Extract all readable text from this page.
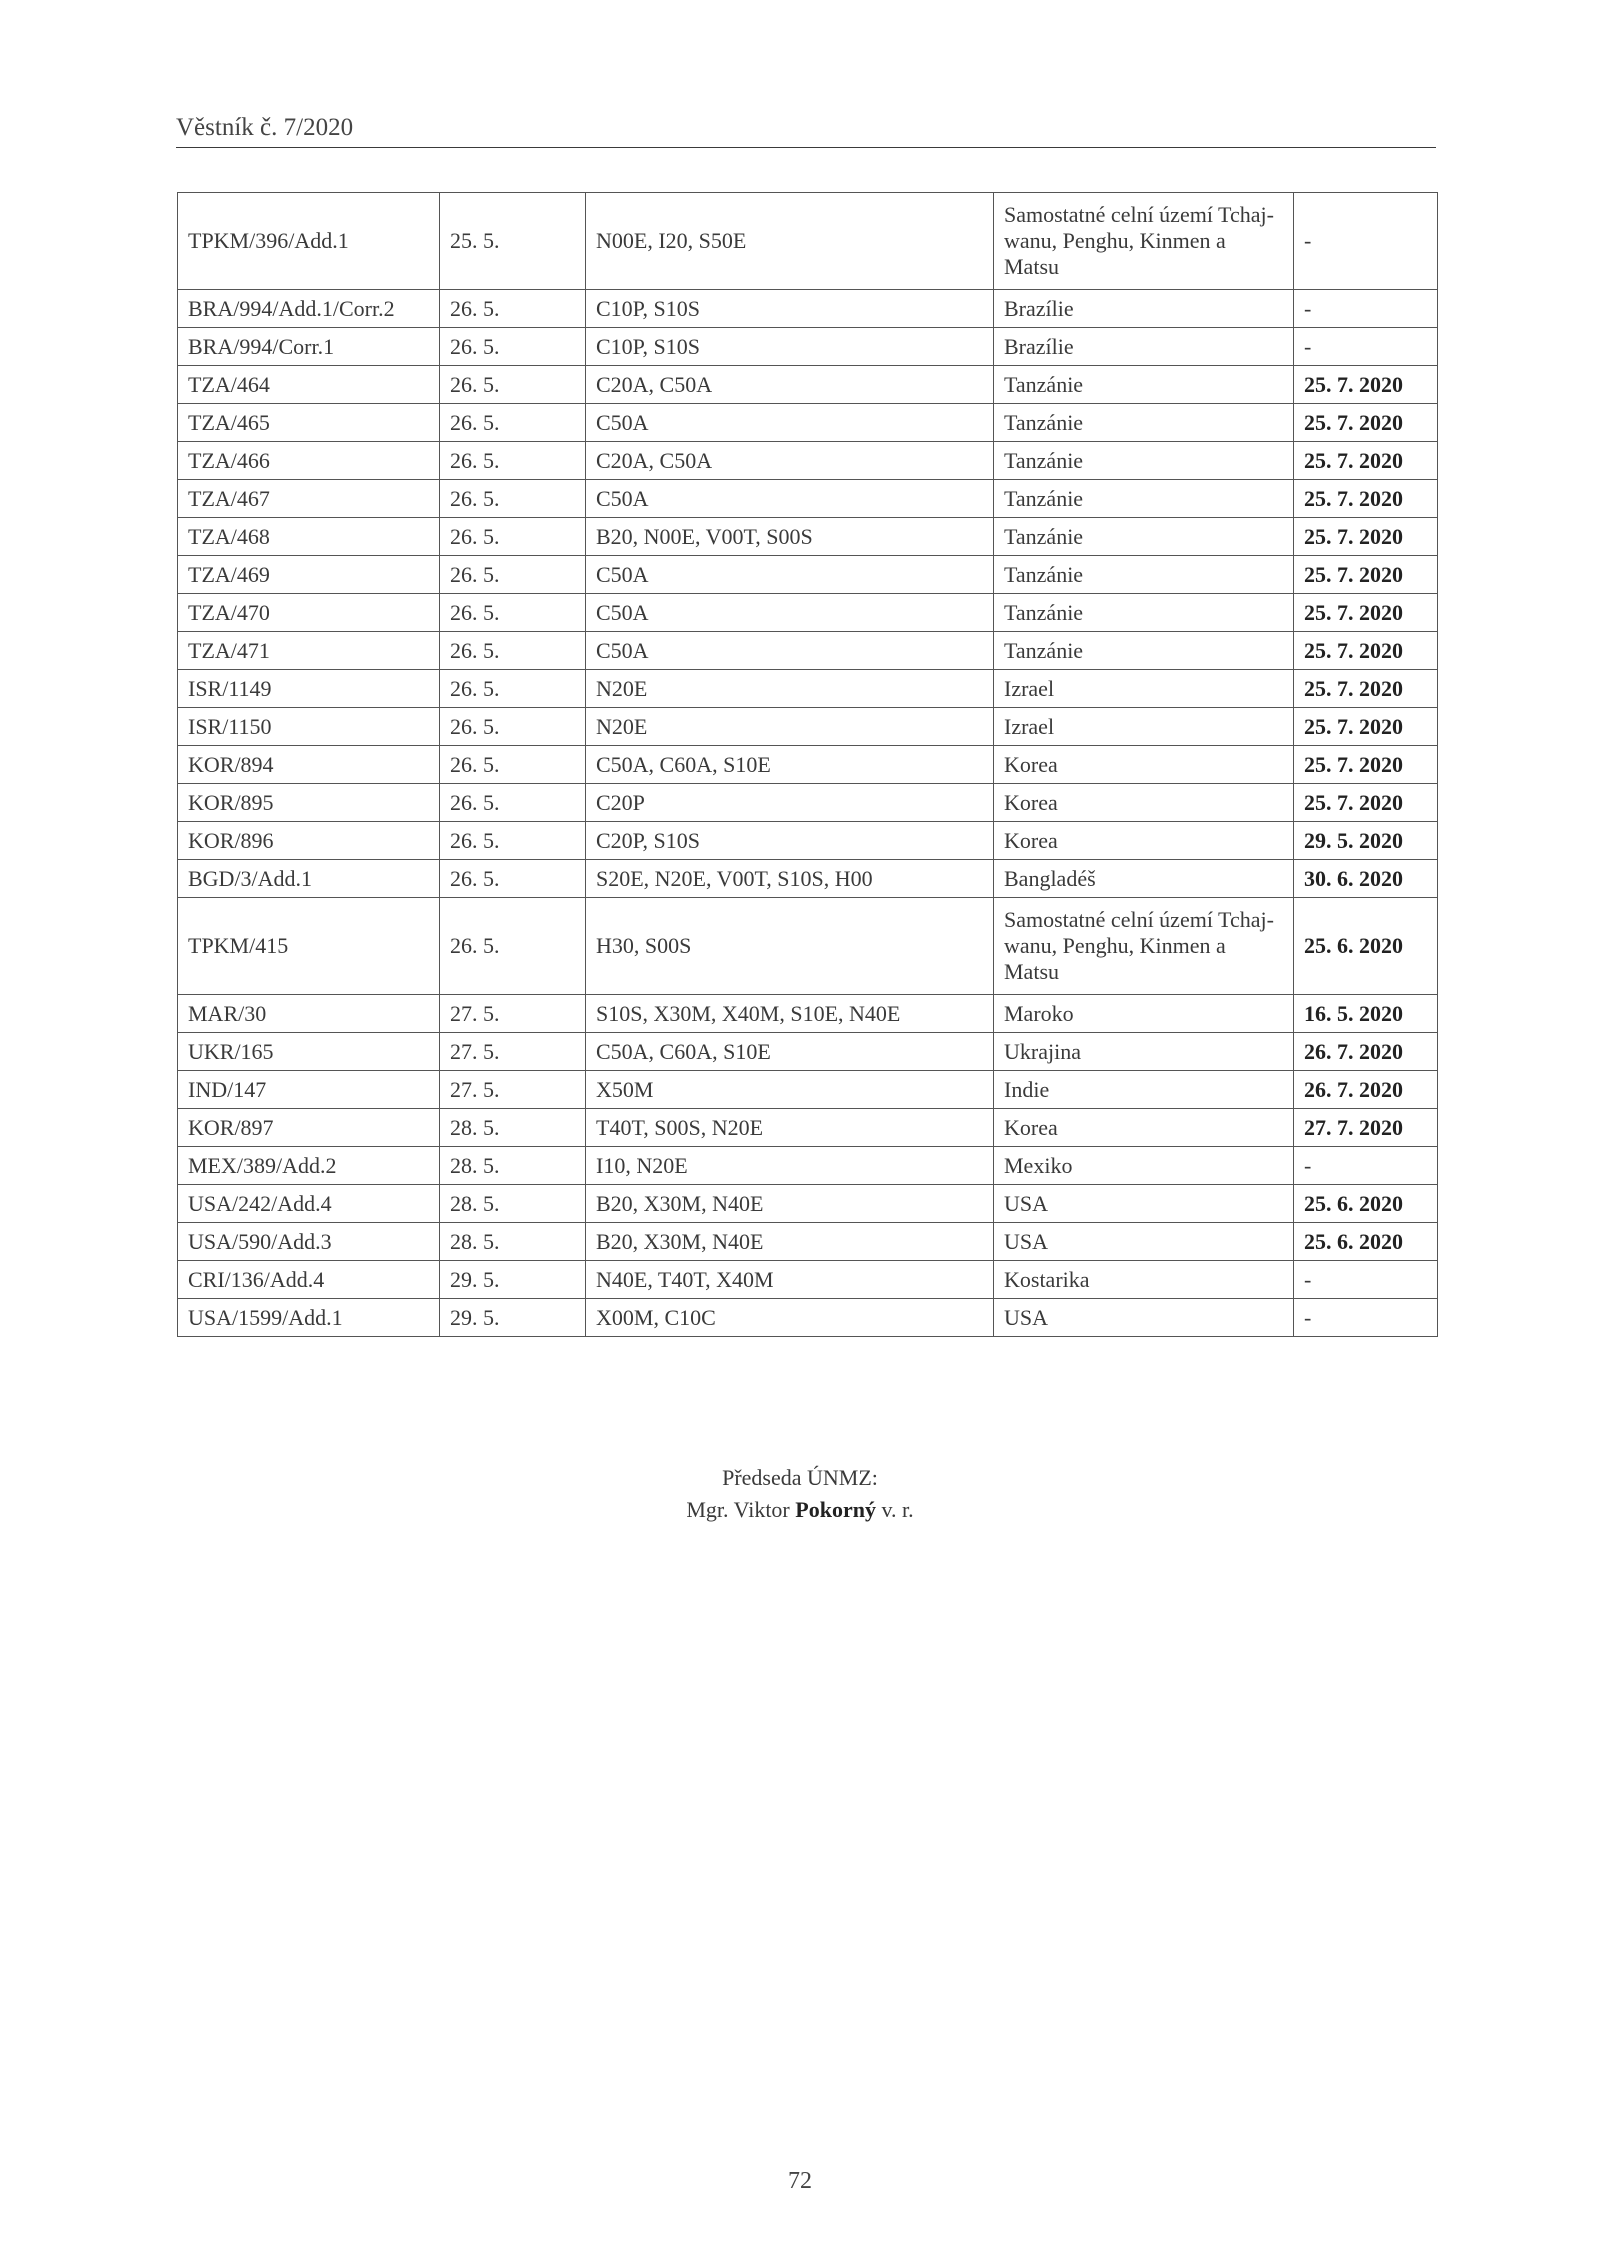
Věstník č. 7/2020
TPKM/396/Add.1	25. 5.	N00E, I20, S50E	Samostatné celní území Tchaj-wanu, Penghu, Kinmen a Matsu	-
BRA/994/Add.1/Corr.2	26. 5.	C10P, S10S	Brazílie	-
BRA/994/Corr.1	26. 5.	C10P, S10S	Brazílie	-
TZA/464	26. 5.	C20A, C50A	Tanzánie	25. 7. 2020
TZA/465	26. 5.	C50A	Tanzánie	25. 7. 2020
TZA/466	26. 5.	C20A, C50A	Tanzánie	25. 7. 2020
TZA/467	26. 5.	C50A	Tanzánie	25. 7. 2020
TZA/468	26. 5.	B20, N00E, V00T, S00S	Tanzánie	25. 7. 2020
TZA/469	26. 5.	C50A	Tanzánie	25. 7. 2020
TZA/470	26. 5.	C50A	Tanzánie	25. 7. 2020
TZA/471	26. 5.	C50A	Tanzánie	25. 7. 2020
ISR/1149	26. 5.	N20E	Izrael	25. 7. 2020
ISR/1150	26. 5.	N20E	Izrael	25. 7. 2020
KOR/894	26. 5.	C50A, C60A, S10E	Korea	25. 7. 2020
KOR/895	26. 5.	C20P	Korea	25. 7. 2020
KOR/896	26. 5.	C20P, S10S	Korea	29. 5. 2020
BGD/3/Add.1	26. 5.	S20E, N20E, V00T, S10S, H00	Bangladéš	30. 6. 2020
TPKM/415	26. 5.	H30, S00S	Samostatné celní území Tchaj-wanu, Penghu, Kinmen a Matsu	25. 6. 2020
MAR/30	27. 5.	S10S, X30M, X40M, S10E, N40E	Maroko	16. 5. 2020
UKR/165	27. 5.	C50A, C60A, S10E	Ukrajina	26. 7. 2020
IND/147	27. 5.	X50M	Indie	26. 7. 2020
KOR/897	28. 5.	T40T, S00S, N20E	Korea	27. 7. 2020
MEX/389/Add.2	28. 5.	I10, N20E	Mexiko	-
USA/242/Add.4	28. 5.	B20, X30M, N40E	USA	25. 6. 2020
USA/590/Add.3	28. 5.	B20, X30M, N40E	USA	25. 6. 2020
CRI/136/Add.4	29. 5.	N40E, T40T, X40M	Kostarika	-
USA/1599/Add.1	29. 5.	X00M, C10C	USA	-
Předseda ÚNMZ:
Mgr. Viktor Pokorný v. r.
72
